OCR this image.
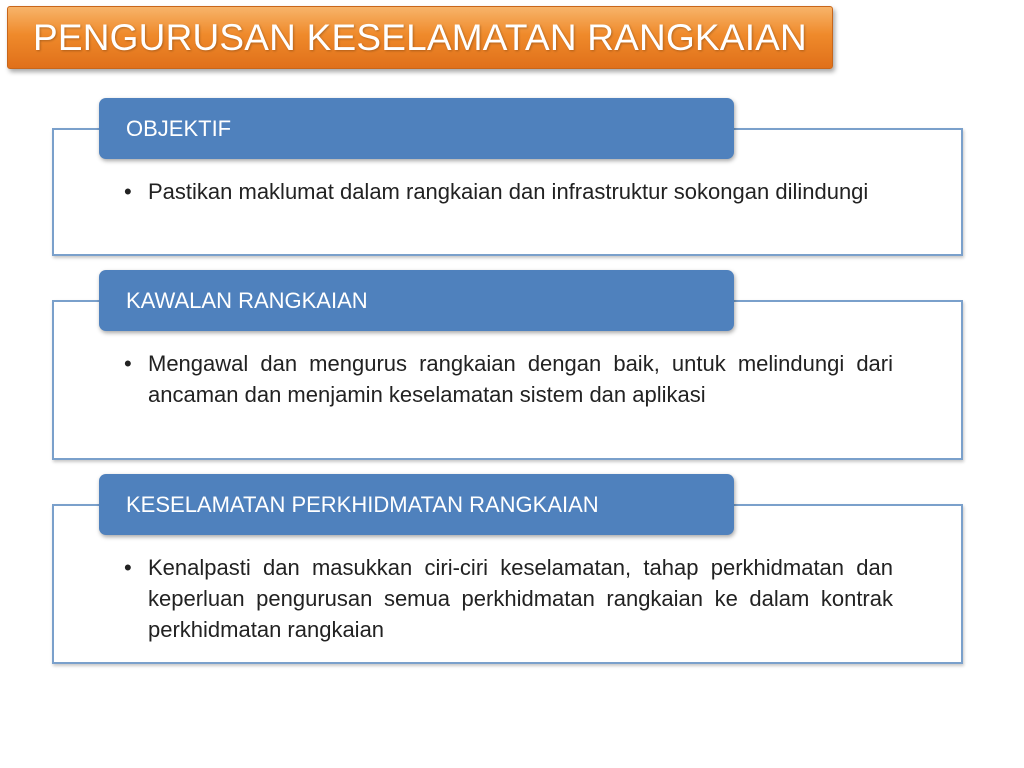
PENGURUSAN KESELAMATAN RANGKAIAN
OBJEKTIF
• Pastikan maklumat dalam rangkaian dan infrastruktur sokongan dilindungi
KAWALAN RANGKAIAN
• Mengawal dan mengurus rangkaian dengan baik, untuk melindungi dari ancaman dan menjamin keselamatan sistem dan aplikasi
KESELAMATAN PERKHIDMATAN RANGKAIAN
• Kenalpasti dan masukkan ciri-ciri keselamatan, tahap perkhidmatan dan keperluan pengurusan semua perkhidmatan rangkaian ke dalam kontrak perkhidmatan rangkaian
